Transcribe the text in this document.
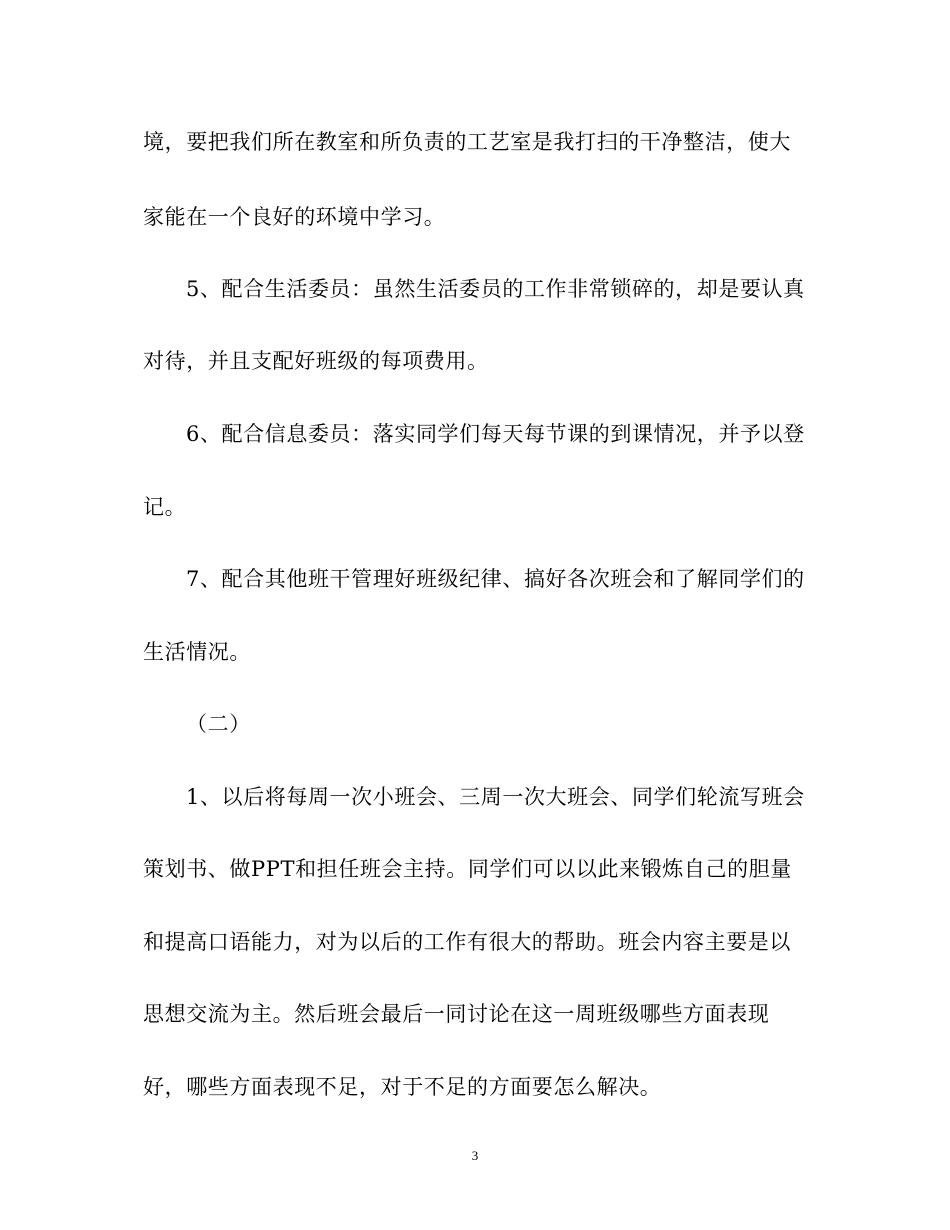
境，要把我们所在教室和所负责的工艺室是我打扫的干净整洁，使大
家能在一个良好的环境中学习。
5、配合生活委员：虽然生活委员的工作非常锁碎的，却是要认真
对待，并且支配好班级的每项费用。
6、配合信息委员：落实同学们每天每节课的到课情况，并予以登
记。
7、配合其他班干管理好班级纪律、搞好各次班会和了解同学们的
生活情况。
（二）
1、以后将每周一次小班会、三周一次大班会、同学们轮流写班会
策划书、做PPT和担任班会主持。同学们可以以此来锻炼自己的胆量
和提高口语能力，对为以后的工作有很大的帮助。班会内容主要是以
思想交流为主。然后班会最后一同讨论在这一周班级哪些方面表现
好，哪些方面表现不足，对于不足的方面要怎么解决。
3
